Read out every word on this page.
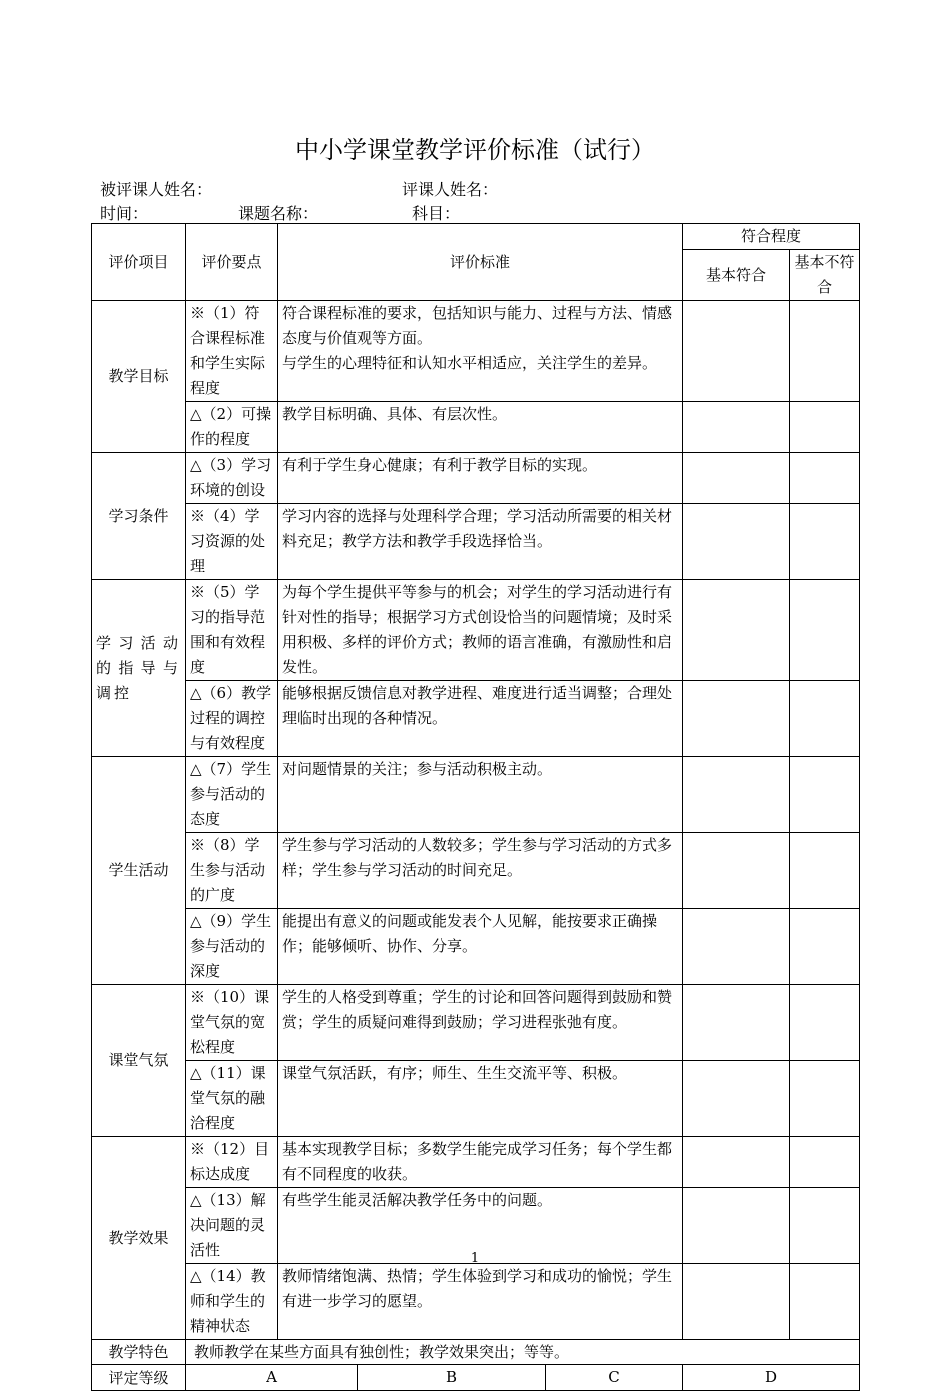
中小学课堂教学评价标准（试行）
被评课人姓名：	评课人姓名：
时间：	课题名称：	科目：
评价项目	评价要点	评价标准			符合程度	
					基本符合	基本不符合
教学目标	※（1）符合课程标准和学生实际程度	符合课程标准的要求，包括知识与能力、过程与方法、情感态度与价值观等方面。
与学生的心理特征和认知水平相适应，关注学生的差异。				
	△（2）可操作的程度	教学目标明确、具体、有层次性。				
学习条件	△（3）学习环境的创设	有利于学生身心健康；有利于教学目标的实现。				
	※（4）学习资源的处理	学习内容的选择与处理科学合理；学习活动所需要的相关材料充足；教学方法和教学手段选择恰当。				
学习活动的指导与调控	※（5）学习的指导范围和有效程度	为每个学生提供平等参与的机会；对学生的学习活动进行有针对性的指导；根据学习方式创设恰当的问题情境；及时采用积极、多样的评价方式；教师的语言准确，有激励性和启发性。				
	△（6）教学过程的调控与有效程度	能够根据反馈信息对教学进程、难度进行适当调整；合理处理临时出现的各种情况。				
学生活动	△（7）学生参与活动的态度	对问题情景的关注；参与活动积极主动。				
	※（8）学生参与活动的广度	学生参与学习活动的人数较多；学生参与学习活动的方式多样；学生参与学习活动的时间充足。				
	△（9）学生参与活动的深度	能提出有意义的问题或能发表个人见解，能按要求正确操作；能够倾听、协作、分享。				
课堂气氛	※（10）课堂气氛的宽松程度	学生的人格受到尊重；学生的讨论和回答问题得到鼓励和赞赏；学生的质疑问难得到鼓励；学习进程张弛有度。				
	△（11）课堂气氛的融洽程度	课堂气氛活跃，有序；师生、生生交流平等、积极。				
教学效果	※（12）目标达成度	基本实现教学目标；多数学生能完成学习任务；每个学生都有不同程度的收获。				
	△（13）解决问题的灵活性	有些学生能灵活解决教学任务中的问题。				
	△（14）教师和学生的精神状态	教师情绪饱满、热情；学生体验到学习和成功的愉悦；学生有进一步学习的愿望。				
教学特色	教师教学在某些方面具有独创性；教学效果突出；等等。					
评定等级	A		B	C	D	
1
